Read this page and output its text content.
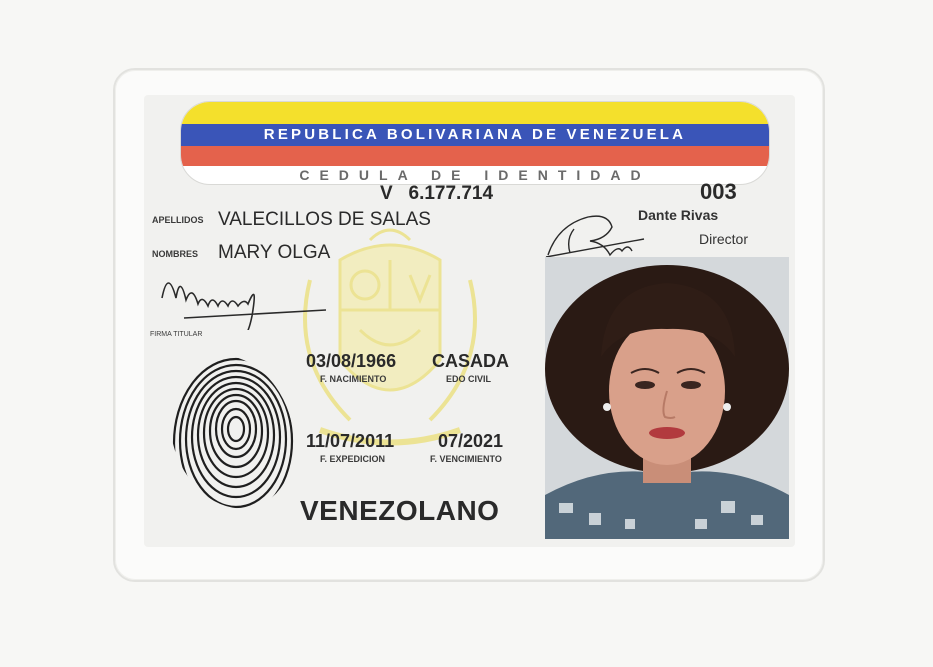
REPUBLICA BOLIVARIANA DE VENEZUELA
CEDULA DE IDENTIDAD
V   6.177.714	003
APELLIDOS VALECILLOS DE SALAS
NOMBRES MARY OLGA
FIRMA TITULAR
Dante Rivas
Director
03/08/1966
F. NACIMIENTO
CASADA
EDO CIVIL
11/07/2011
F. EXPEDICION
07/2021
F. VENCIMIENTO
VENEZOLANO
